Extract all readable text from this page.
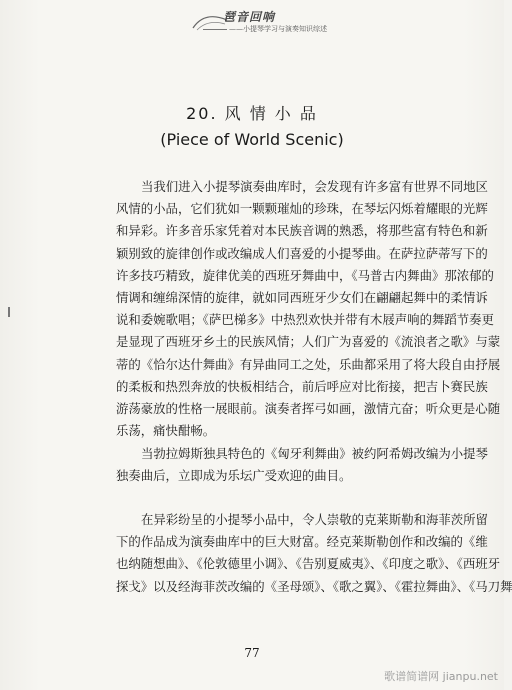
琶音回响
——小提琴学习与演奏知识综述
20. 风 情 小 品
(Piece of World Scenic)
当我们进入小提琴演奏曲库时，会发现有许多富有世界不同地区
风情的小品，它们犹如一颗颗璀灿的珍珠，在琴坛闪烁着耀眼的光辉
和异彩。许多音乐家凭着对本民族音调的熟悉，将那些富有特色和新
颖别致的旋律创作或改编成人们喜爱的小提琴曲。在萨拉萨蒂写下的
许多技巧精致，旋律优美的西班牙舞曲中，《马普古内舞曲》那浓郁的
情调和缠绵深情的旋律，就如同西班牙少女们在翩翩起舞中的柔情诉
说和委婉歌唱；《萨巴梯多》中热烈欢快并带有木屐声响的舞蹈节奏更
是显现了西班牙乡土的民族风情；人们广为喜爱的《流浪者之歌》与蒙
蒂的《恰尔达什舞曲》有异曲同工之处，乐曲都采用了将大段自由抒展
的柔板和热烈奔放的快板相结合，前后呼应对比衔接，把吉卜赛民族
游荡豪放的性格一展眼前。演奏者挥弓如画，激情亢奋；听众更是心随
乐荡，痛快酣畅。
当勃拉姆斯独具特色的《匈牙利舞曲》被约阿希姆改编为小提琴
独奏曲后，立即成为乐坛广受欢迎的曲目。
在异彩纷呈的小提琴小品中，令人崇敬的克莱斯勒和海菲茨所留
下的作品成为演奏曲库中的巨大财富。经克莱斯勒创作和改编的《维
也纳随想曲》、《伦敦德里小调》、《告别夏威夷》、《印度之歌》、《西班牙
探戈》以及经海菲茨改编的《圣母颂》、《歌之翼》、《霍拉舞曲》、《马刀舞
77
歌谱简谱网 jianpu.net
